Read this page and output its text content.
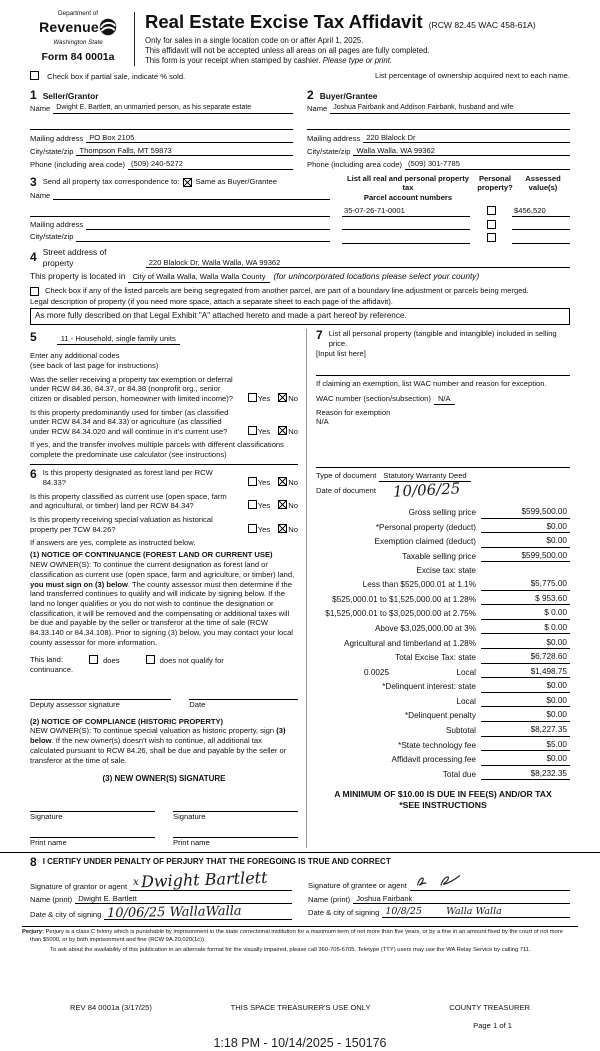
Department of
Revenue
Washington State
Form 84 0001a
Real Estate Excise Tax Affidavit (RCW 82.45 WAC 458-61A)
Only for sales in a single location code on or after April 1, 2025.
This affidavit will not be accepted unless all areas on all pages are fully completed.
This form is your receipt when stamped by cashier. Please type or print.
Check box if partial sale, indicate % sold.	List percentage of ownership acquired next to each name.
1 Seller/Grantor
Name Dwight E. Bartlett, an unmarried person, as his separate estate
Mailing address PO Box 2105
City/state/zip Thompson Falls, MT 59873
Phone (including area code) (509) 240-5272
2 Buyer/Grantee
Name Joshua Fairbank and Addison Fairbank, husband and wife
Mailing address 220 Blalock Dr
City/state/zip Walla Walla, WA 99362
Phone (including area code) (509) 301-7785
3 Send all property tax correspondence to: Same as Buyer/Grantee
Name
Mailing address
City/state/zip
List all real and personal property tax
Parcel account numbers
Personal
property?
Assessed
value(s)
35-07-26-71-0001	$456,520
4 Street address of
property	220 Blalock Dr, Walla Walla, WA 99362
This property is located in City of Walla Walla, Walla Walla County (for unincorporated locations please select your county)
Check box if any of the listed parcels are being segregated from another parcel, are part of a boundary line adjustment or parcels being merged.
Legal description of property (if you need more space, attach a separate sheet to each page of the affidavit).
As more fully described on that Legal Exhibit "A" attached hereto and made a part hereof by reference.
5	11 - Household, single family units
Enter any additional codes
(see back of last page for instructions)
Was the seller receiving a property tax exemption or deferral under RCW 84.36, 84.37, or 84.38 (nonprofit org., senior citizen or disabled person, homeowner with limited income)?	Yes No
Is this property predominantly used for timber (as classified under RCW 84.34 and 84.33) or agriculture (as classified under RCW 84.34.020 and will continue in it's current use?	Yes No
If yes, and the transfer involves multiple parcels with different classifications complete the predominate use calculator (see instructions)
6 Is this property designated as forest land per RCW 84.33?	Yes No
Is this property classified as current use (open space, farm and agricultural, or timber) land per RCW 84.34?	Yes No
Is this property receiving special valuation as historical property per TCW 84.26?	Yes No
If answers are yes, complete as instructed below.
(1) NOTICE OF CONTINUANCE (FOREST LAND OR CURRENT USE)
NEW OWNER(S): To continue the current designation as forest land or classification as current use (open space, farm and agriculture, or timber) land, you must sign on (3) below. The county assessor must then determine if the land transferred continues to qualify and will indicate by signing below. If the land no longer qualifies or you do not wish to continue the designation or classification, it will be removed and the compensating or additional taxes will be due and payable by the seller or transferor at the time of sale (RCW 84.33.140 or 84.34.108). Prior to signing (3) below, you may contact your local county assessor for more information.
This land:	does	does not qualify for
continuance.
Deputy assessor signature	Date
(2) NOTICE OF COMPLIANCE (HISTORIC PROPERTY)
NEW OWNER(S): To continue special valuation as historic property, sign (3) below. If the new owner(s) doesn't wish to continue, all additional tax calculated pursuant to RCW 84.26, shall be due and payable by the seller or transferor at the time of sale.
(3) NEW OWNER(S) SIGNATURE
Signature	Signature
Print name	Print name
7 List all personal property (tangible and intangible) included in selling price.
[Input list here]
If claiming an exemption, list WAC number and reason for exception.
WAC number (section/subsection) N/A
Reason for exemption
N/A
Type of document Statutory Warranty Deed
Date of document 10/06/25
Gross selling price	$599,500.00
*Personal property (deduct)	$0.00
Exemption claimed (deduct)	$0.00
Taxable selling price	$599,500.00
Excise tax: state
Less than $525,000.01 at 1.1%	$5,775.00
$525,000.01 to $1,525,000.00 at 1.28%	$ 953.60
$1,525,000.01 to $3,025,000.00 at 2.75%	$ 0.00
Above $3,025,000.00 at 3%	$ 0.00
Agricultural and timberland at 1.28%	$0.00
Total Excise Tax: state	$6,728.60
0.0025	Local	$1,498.75
*Delinquent interest: state	$0.00
Local	$0.00
*Delinquent penalty	$0.00
Subtotal	$8,227.35
*State technology fee	$5.00
Affidavit processing fee	$0.00
Total due	$8,232.35
A MINIMUM OF $10.00 IS DUE IN FEE(S) AND/OR TAX
*SEE INSTRUCTIONS
8 I CERTIFY UNDER PENALTY OF PERJURY THAT THE FOREGOING IS TRUE AND CORRECT
Signature of grantor or agent x Dwight Bartlett
Name (print) Dwight E. Bartlett
Date & city of signing 10/06/25 WallaWalla
Signature of grantee or agent
Name (print) Joshua Fairbank
Date & city of signing 10/8/25	Walla Walla
Perjury: Perjury is a class C felony which is punishable by imprisonment in the state correctional institution for a maximum term of not more than five years, or by a fine in an amount fixed by the court of not more than $5000, or by both imprisonment and fine (RCW 9A.20.020(1c)).
To ask about the availability of this publication in an alternate format for the visually impaired, please call 360-705-6705. Teletype (TTY) users may use the WA Relay Service by calling 711.
REV 84 0001a (3/17/25)	THIS SPACE TREASURER'S USE ONLY	COUNTY TREASURER
Page 1 of 1
1:18 PM - 10/14/2025 - 150176
